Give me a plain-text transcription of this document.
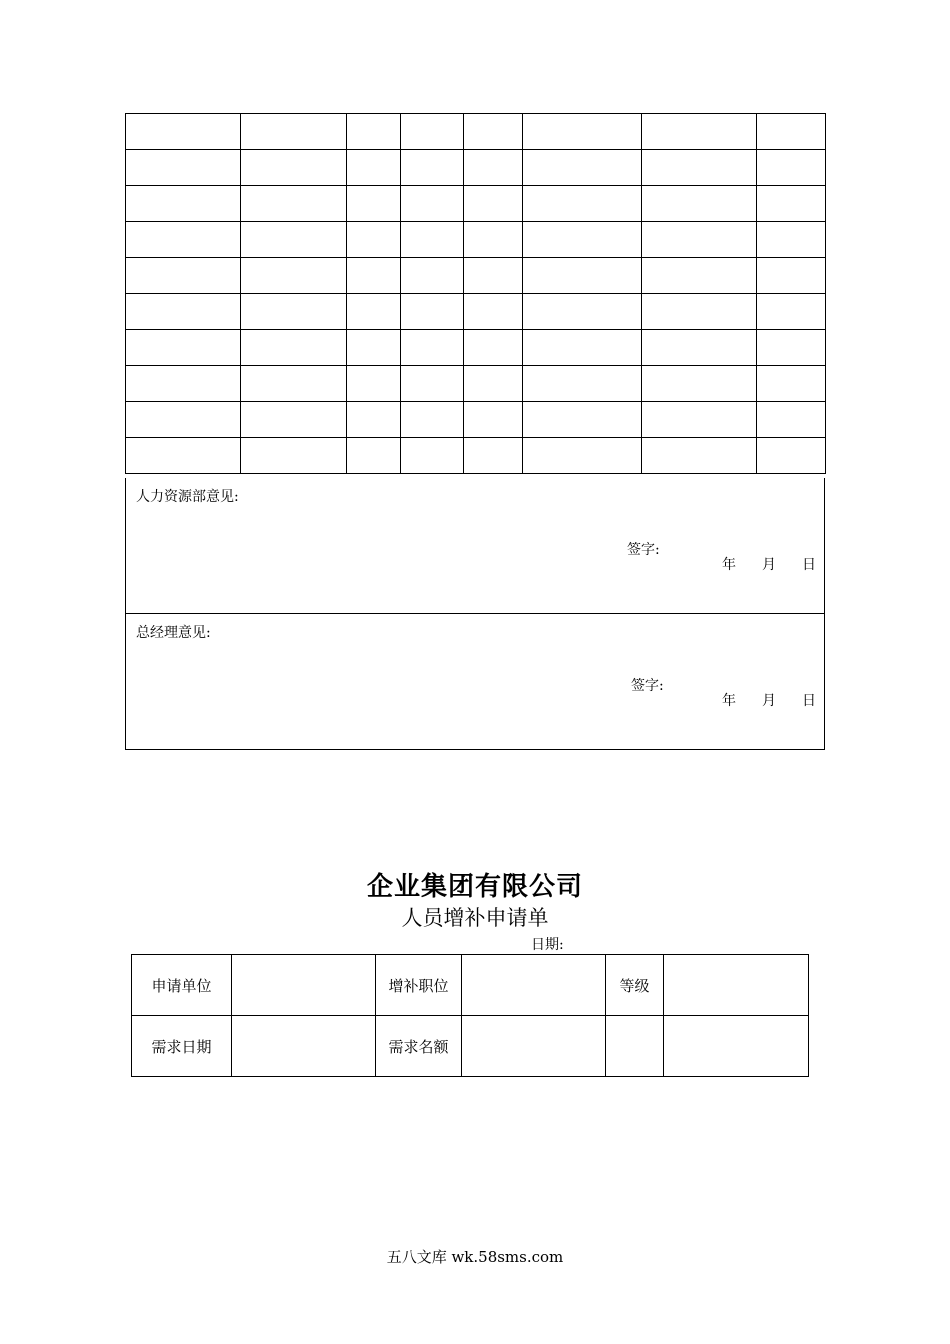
人力资源部意见:
签字:
年 月 日
总经理意见:
签字:
年 月 日
企业集团有限公司
人员增补申请单
日期:
申请单位		增补职位		等级	
需求日期		需求名额			
五八文库 wk.58sms.com
